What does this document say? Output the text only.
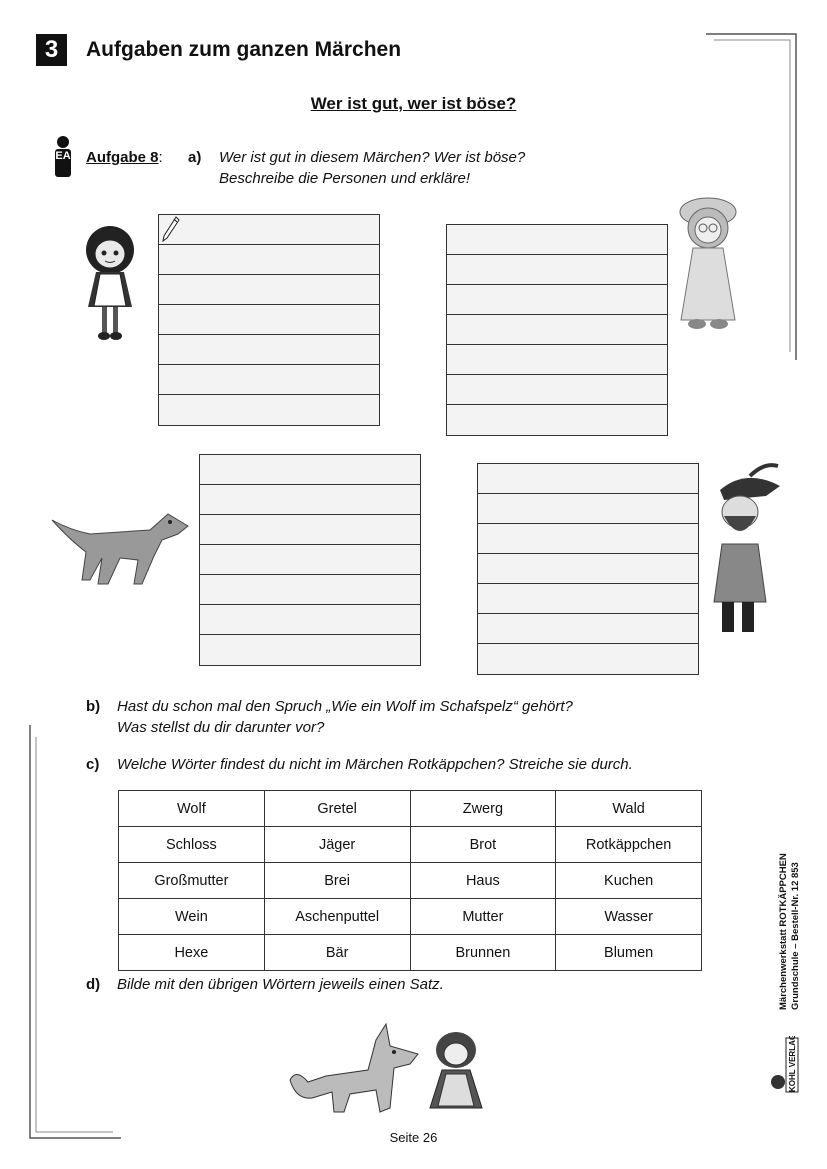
3	Aufgaben zum ganzen Märchen
Wer ist gut, wer ist böse?
EA Aufgabe 8: a) Wer ist gut in diesem Märchen? Wer ist böse?
Beschreibe die Personen und erkläre!
b) Hast du schon mal den Spruch „Wie ein Wolf im Schafspelz“ gehört?
Was stellst du dir darunter vor?
c) Welche Wörter findest du nicht im Märchen Rotkäppchen? Streiche sie durch.
Wolf	Gretel	Zwerg	Wald
Schloss	Jäger	Brot	Rotkäppchen
Großmutter	Brei	Haus	Kuchen
Wein	Aschenputtel	Mutter	Wasser
Hexe	Bär	Brunnen	Blumen
d) Bilde mit den übrigen Wörtern jeweils einen Satz.	Märchenwerkstatt ROTKÄPPCHEN Grundschule – Bestell-Nr. 12 853
KOHL VERLAG
Seite 26
